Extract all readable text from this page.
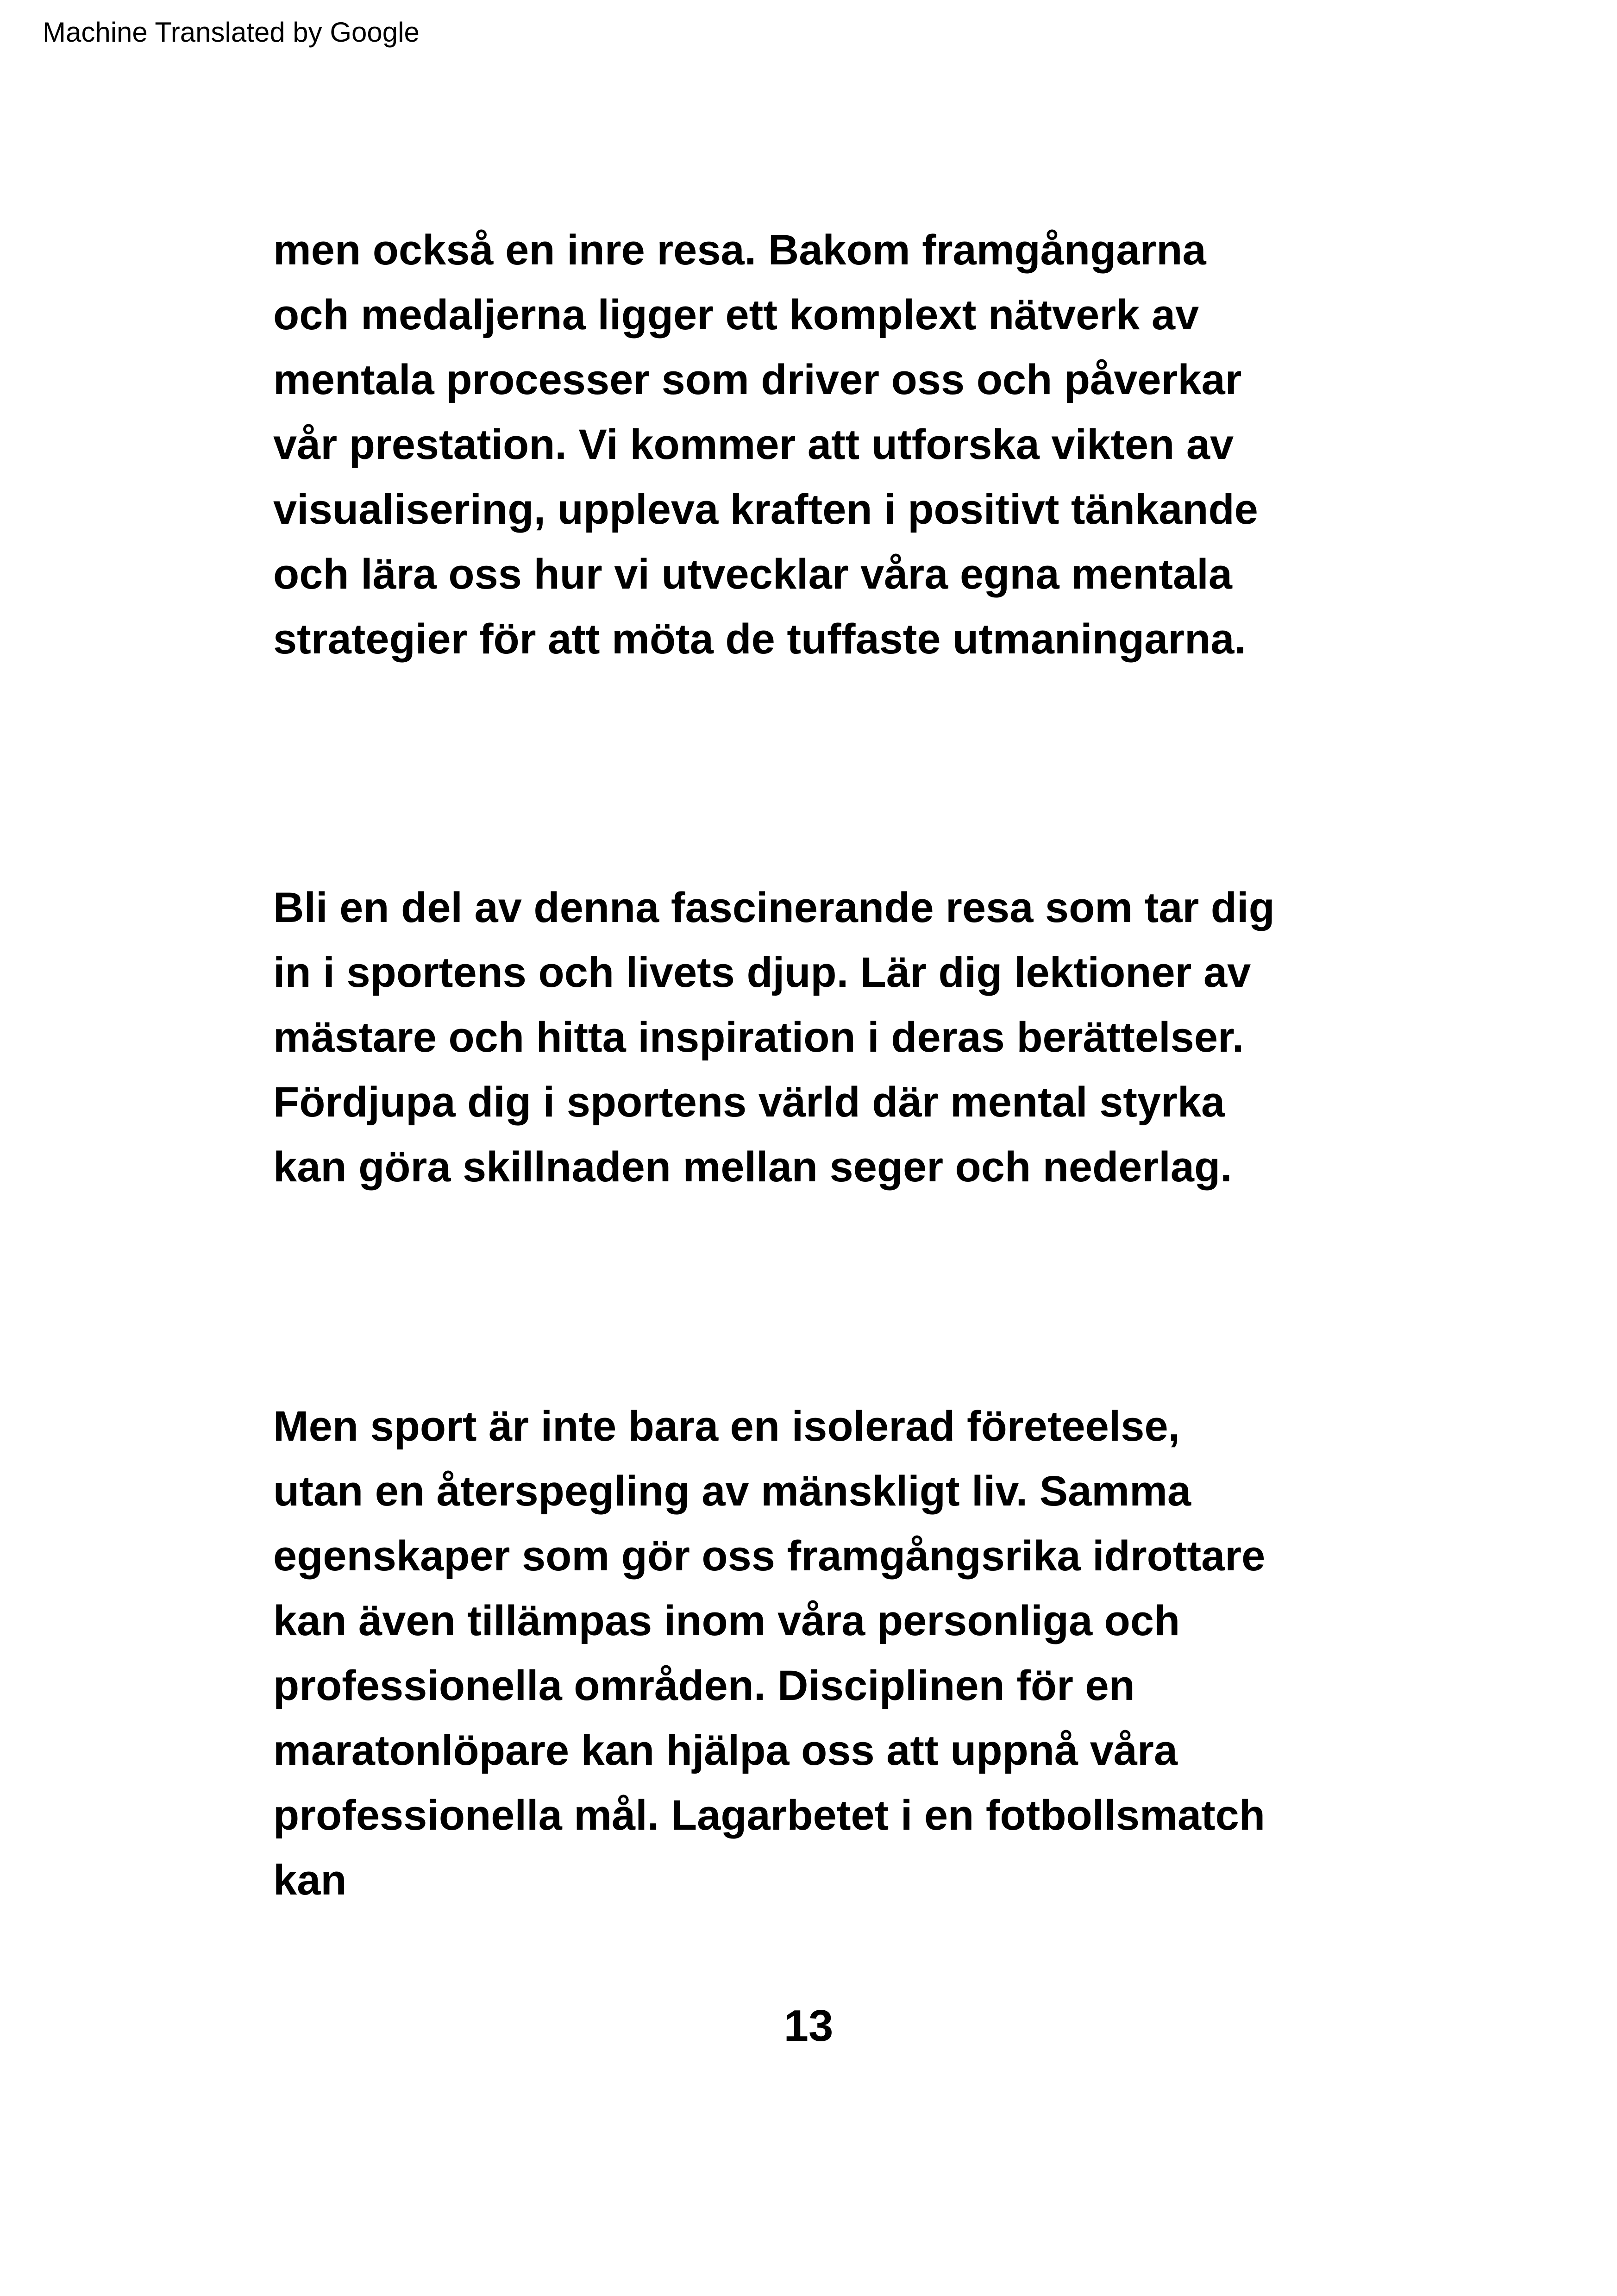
Machine Translated by Google
men också en inre resa. Bakom framgångarna
och medaljerna ligger ett komplext nätverk av
mentala processer som driver oss och påverkar
vår prestation. Vi kommer att utforska vikten av
visualisering, uppleva kraften i positivt tänkande
och lära oss hur vi utvecklar våra egna mentala
strategier för att möta de tuffaste utmaningarna.
Bli en del av denna fascinerande resa som tar dig
in i sportens och livets djup. Lär dig lektioner av
mästare och hitta inspiration i deras berättelser.
Fördjupa dig i sportens värld där mental styrka
kan göra skillnaden mellan seger och nederlag.
Men sport är inte bara en isolerad företeelse,
utan en återspegling av mänskligt liv. Samma
egenskaper som gör oss framgångsrika idrottare
kan även tillämpas inom våra personliga och
professionella områden. Disciplinen för en
maratonlöpare kan hjälpa oss att uppnå våra
professionella mål. Lagarbetet i en fotbollsmatch
kan
13
